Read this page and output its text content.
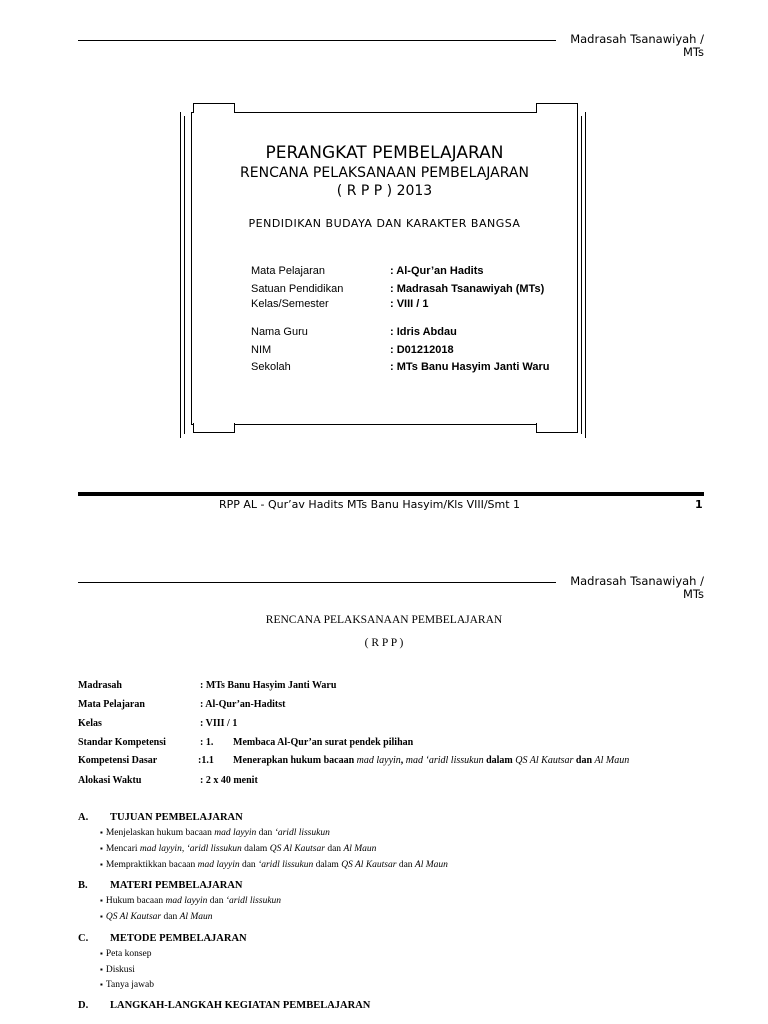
Madrasah Tsanawiyah /
MTs
PERANGKAT PEMBELAJARAN
RENCANA PELAKSANAAN PEMBELAJARAN
( R P P ) 2013
PENDIDIKAN BUDAYA DAN KARAKTER BANGSA
Mata Pelajaran	: Al-Qur’an Hadits
Satuan Pendidikan	: Madrasah Tsanawiyah (MTs)
Kelas/Semester	: VIII / 1
Nama Guru	: Idris Abdau
NIM	: D01212018
Sekolah	: MTs Banu Hasyim Janti Waru
RPP AL - Qur’av Hadits MTs Banu Hasyim/Kls VIII/Smt 1	1
Madrasah Tsanawiyah /
MTs
RENCANA PELAKSANAAN PEMBELAJARAN
( R P P )
Madrasah	: MTs Banu Hasyim Janti Waru
Mata Pelajaran	: Al-Qur’an-Haditst
Kelas	: VIII / 1
Standar Kompetensi	: 1. Membaca Al-Qur’an surat pendek pilihan
Kompetensi Dasar	:1.1 Menerapkan hukum bacaan mad layyin, mad ‘aridl lissukun dalam QS Al Kautsar dan Al Maun
Alokasi Waktu	: 2 x 40 menit
A. TUJUAN PEMBELAJARAN
▪ Menjelaskan hukum bacaan mad layyin dan ‘aridl lissukun
▪ Mencari mad layyin, ‘aridl lissukun dalam QS Al Kautsar dan Al Maun
▪ Mempraktikkan bacaan mad layyin dan ‘aridl lissukun dalam QS Al Kautsar dan Al Maun
B. MATERI PEMBELAJARAN
▪ Hukum bacaan mad layyin dan ‘aridl lissukun
▪ QS Al Kautsar dan Al Maun
C. METODE PEMBELAJARAN
▪ Peta konsep
▪ Diskusi
▪ Tanya jawab
D. LANGKAH-LANGKAH KEGIATAN PEMBELAJARAN
